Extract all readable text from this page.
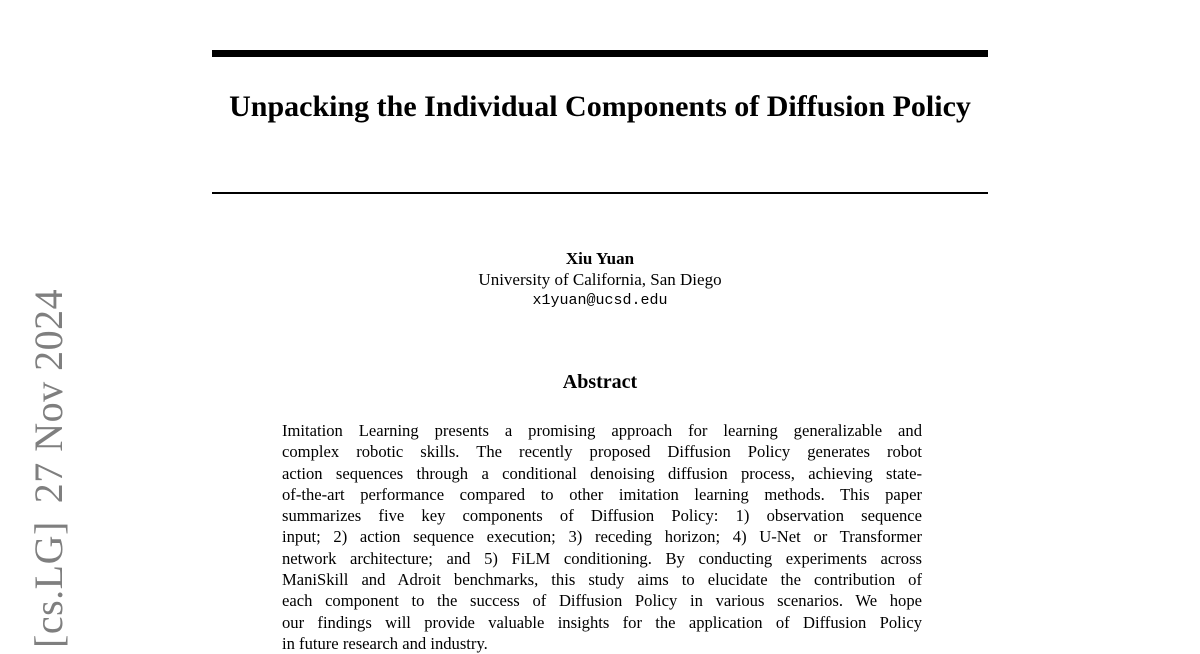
Unpacking the Individual Components of Diffusion Policy
Xiu Yuan
University of California, San Diego
x1yuan@ucsd.edu
Abstract
Imitation Learning presents a promising approach for learning generalizable and
complex robotic skills. The recently proposed Diffusion Policy generates robot
action sequences through a conditional denoising diffusion process, achieving state-
of-the-art performance compared to other imitation learning methods. This paper
summarizes five key components of Diffusion Policy: 1) observation sequence
input; 2) action sequence execution; 3) receding horizon; 4) U-Net or Transformer
network architecture; and 5) FiLM conditioning. By conducting experiments across
ManiSkill and Adroit benchmarks, this study aims to elucidate the contribution of
each component to the success of Diffusion Policy in various scenarios. We hope
our findings will provide valuable insights for the application of Diffusion Policy
in future research and industry.
[cs.LG]27 Nov 2024
